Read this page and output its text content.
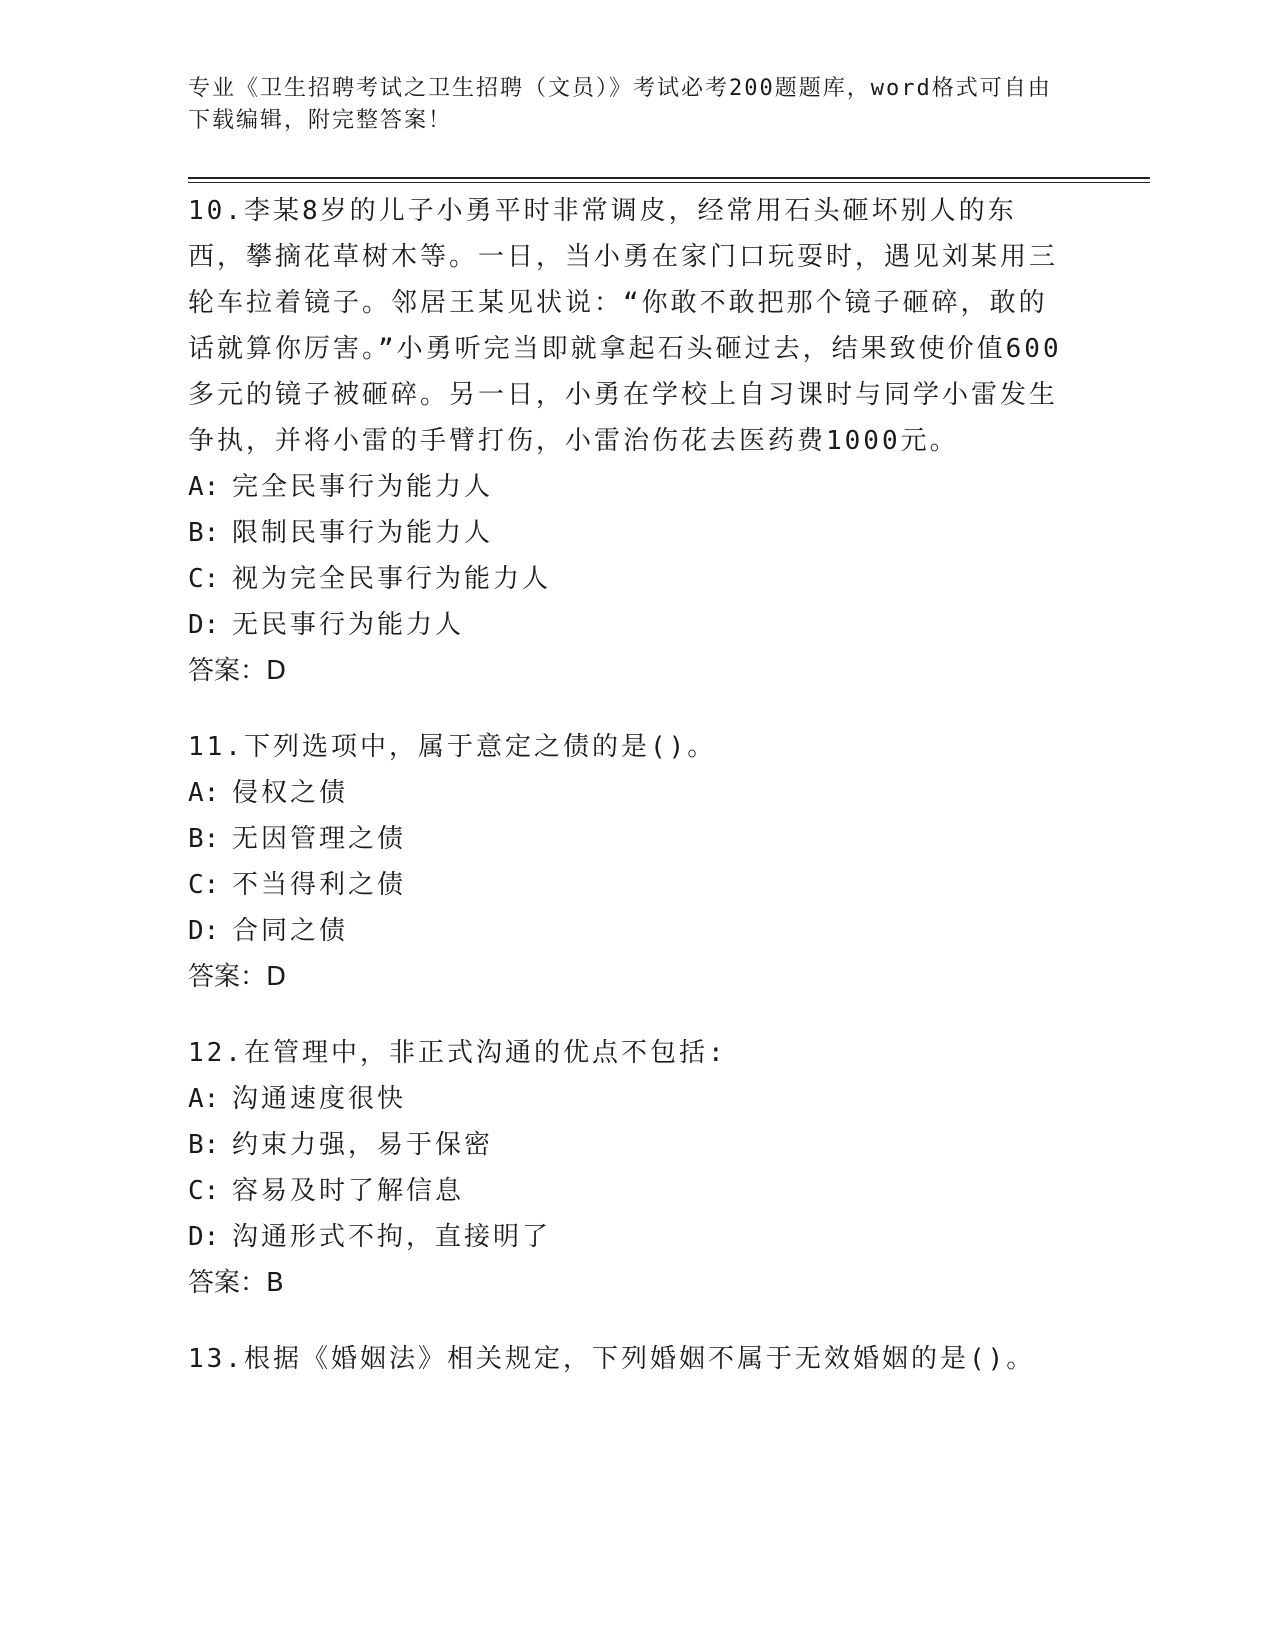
专业《卫生招聘考试之卫生招聘（文员）》考试必考200题题库，word格式可自由下载编辑，附完整答案！
10.李某8岁的儿子小勇平时非常调皮，经常用石头砸坏别人的东西，攀摘花草树木等。一日，当小勇在家门口玩耍时，遇见刘某用三轮车拉着镜子。邻居王某见状说：“你敢不敢把那个镜子砸碎，敢的话就算你厉害。”小勇听完当即就拿起石头砸过去，结果致使价值600多元的镜子被砸碎。另一日，小勇在学校上自习课时与同学小雷发生争执，并将小雷的手臂打伤，小雷治伤花去医药费1000元。
A: 完全民事行为能力人
B: 限制民事行为能力人
C: 视为完全民事行为能力人
D: 无民事行为能力人
答案：D
11.下列选项中，属于意定之债的是()。
A: 侵权之债
B: 无因管理之债
C: 不当得利之债
D: 合同之债
答案：D
12.在管理中，非正式沟通的优点不包括:
A: 沟通速度很快
B: 约束力强，易于保密
C: 容易及时了解信息
D: 沟通形式不拘，直接明了
答案：B
13.根据《婚姻法》相关规定，下列婚姻不属于无效婚姻的是()。
